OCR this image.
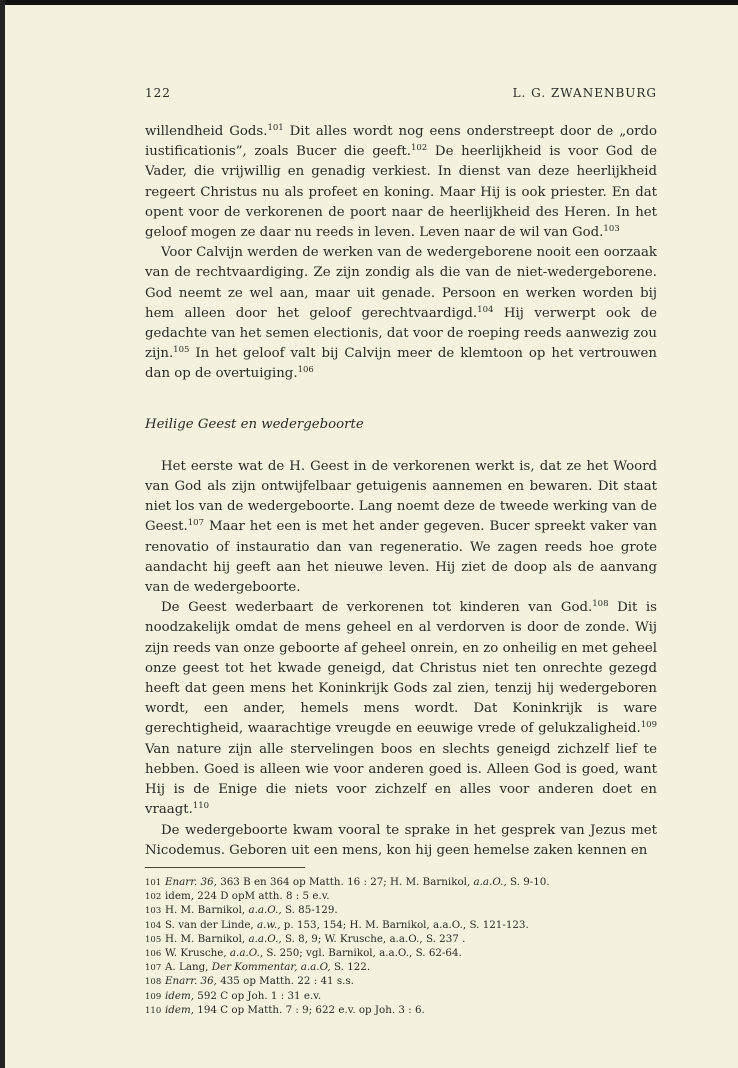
122	L. G. ZWANENBURG

willendheid Gods.$^{101}$ Dit alles wordt nog eens onderstreept door de „ordo iustificationis”, zoals Bucer die geeft.$^{102}$ De heerlijkheid is voor God de Vader, die vrijwillig en genadig verkiest. In dienst van deze heerlijkheid regeert Christus nu als profeet en koning. Maar Hij is ook priester. En dat opent voor de verkorenen de poort naar de heerlijkheid des Heren. In het geloof mogen ze daar nu reeds in leven. Leven naar de wil van God.$^{103}$

Voor Calvijn werden de werken van de wedergeborene nooit een oorzaak van de rechtvaardiging. Ze zijn zondig als die van de niet-wedergeborene. God neemt ze wel aan, maar uit genade. Persoon en werken worden bij hem alleen door het geloof gerechtvaardigd.$^{104}$ Hij verwerpt ook de gedachte van het semen electionis, dat voor de roeping reeds aanwezig zou zijn.$^{105}$ In het geloof valt bij Calvijn meer de klemtoon op het vertrouwen dan op de overtuiging.$^{106}$

Heilige Geest en wedergeboorte

Het eerste wat de H. Geest in de verkorenen werkt is, dat ze het Woord van God als zijn ontwijfelbaar getuigenis aannemen en bewaren. Dit staat niet los van de wedergeboorte. Lang noemt deze de tweede werking van de Geest.$^{107}$ Maar het een is met het ander gegeven. Bucer spreekt vaker van renovatio of instauratio dan van regeneratio. We zagen reeds hoe grote aandacht hij geeft aan het nieuwe leven. Hij ziet de doop als de aanvang van de wedergeboorte.

De Geest wederbaart de verkorenen tot kinderen van God.$^{108}$ Dit is noodzakelijk omdat de mens geheel en al verdorven is door de zonde. Wij zijn reeds van onze geboorte af geheel onrein, en zo onheilig en met geheel onze geest tot het kwade geneigd, dat Christus niet ten onrechte gezegd heeft dat geen mens het Koninkrijk Gods zal zien, tenzij hij wedergeboren wordt, een ander, hemels mens wordt. Dat Koninkrijk is ware gerechtigheid, waarachtige vreugde en eeuwige vrede of gelukzaligheid.$^{109}$ Van nature zijn alle stervelingen boos en slechts geneigd zichzelf lief te hebben. Goed is alleen wie voor anderen goed is. Alleen God is goed, want Hij is de Enige die niets voor zichzelf en alles voor anderen doet en vraagt.$^{110}$

De wedergeboorte kwam vooral te sprake in het gesprek van Jezus met Nicodemus. Geboren uit een mens, kon hij geen hemelse zaken kennen en

101 Enarr. 36, 363 B en 364 op Matth. 16 : 27; H. M. Barnikol, a.a.O., S. 9-10.
102 idem, 224 D opM atth. 8 : 5 e.v.
103 H. M. Barnikol, a.a.O., S. 85-129.
104 S. van der Linde, a.w., p. 153, 154; H. M. Barnikol, a.a.O., S. 121-123.
105 H. M. Barnikol, a.a.O., S. 8, 9; W. Krusche, a.a.O., S. 237 .
106 W. Krusche, a.a.O., S. 250; vgl. Barnikol, a.a.O., S. 62-64.
107 A. Lang, Der Kommentar, a.a.O, S. 122.
108 Enarr. 36, 435 op Matth. 22 : 41 s.s.
109 idem, 592 C op Joh. 1 : 31 e.v.
110 idem, 194 C op Matth. 7 : 9; 622 e.v. op Joh. 3 : 6.
